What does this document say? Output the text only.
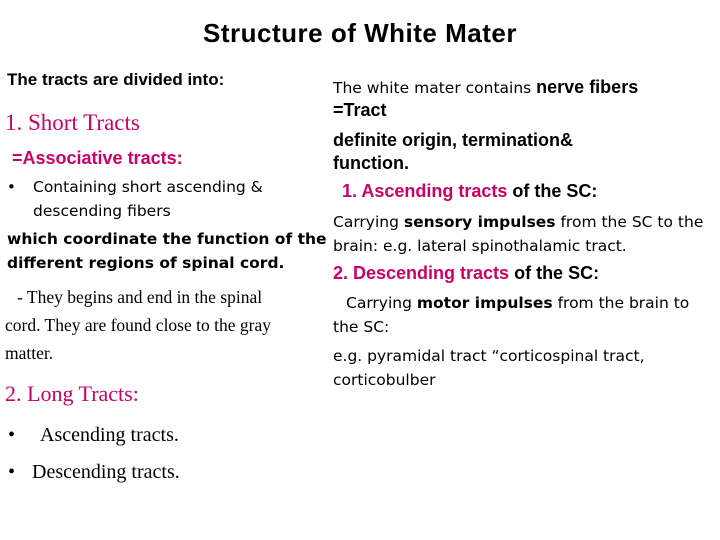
Structure of White Mater
The tracts are divided into:
1. Short Tracts
=Associative tracts:
• Containing short ascending &
descending fibers
which coordinate the function of the
different regions of spinal cord.
- They begins and end in the spinal
cord. They are found close to the gray
matter.
2. Long Tracts:
• Ascending tracts.
• Descending tracts.
The white mater contains nerve fibers
=Tract
definite origin, termination&
function.
1. Ascending tracts of the SC:
Carrying sensory impulses from the SC to the
brain: e.g. lateral spinothalamic tract.
2. Descending tracts of the SC:
Carrying motor impulses from the brain to
the SC:
e.g. pyramidal tract “corticospinal tract,
corticobulber
